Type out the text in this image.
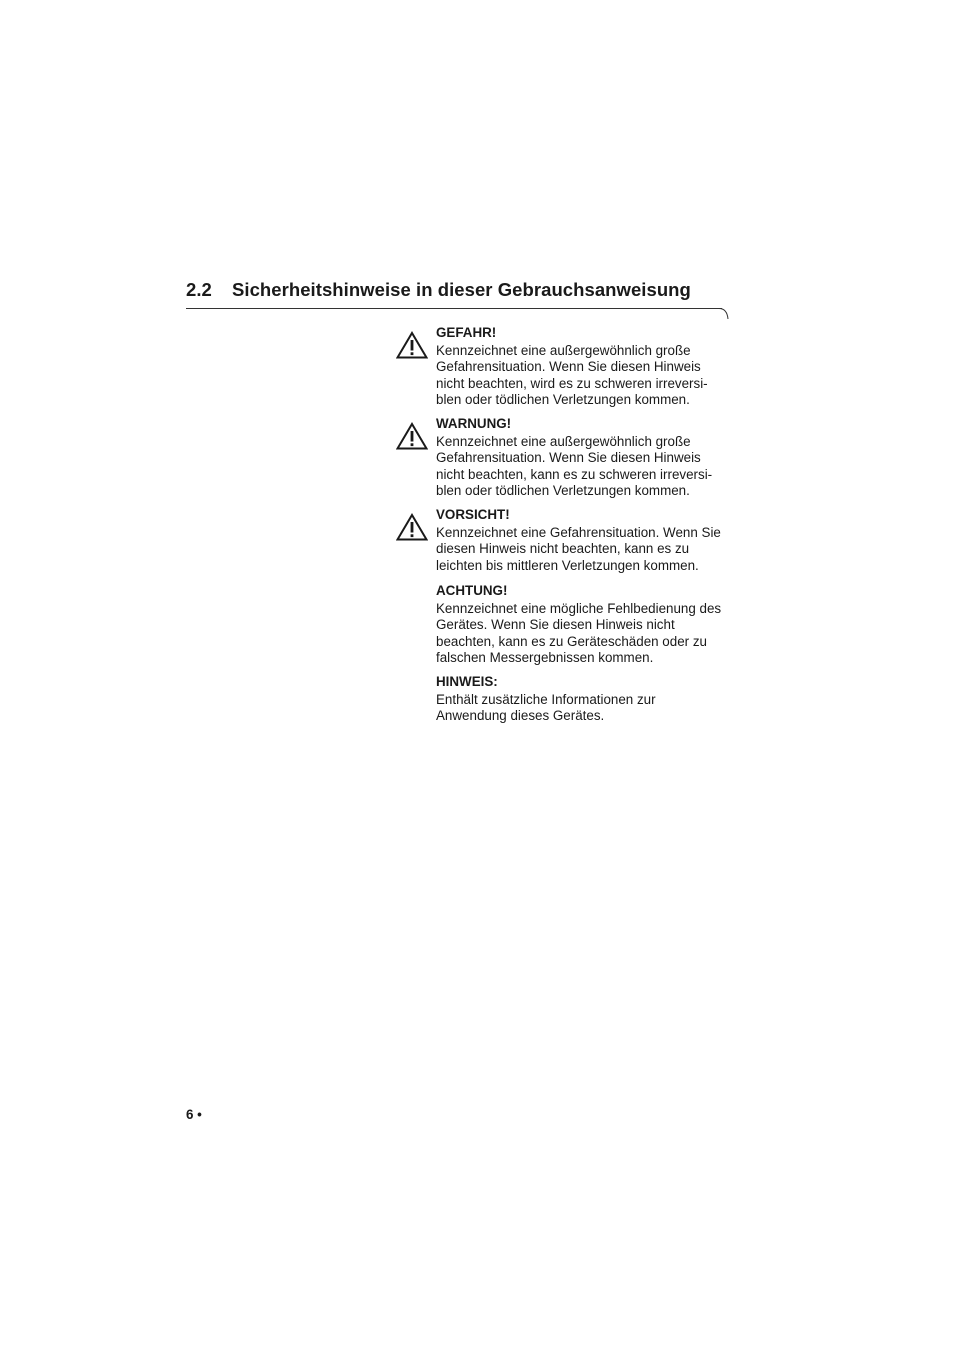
2.2 Sicherheitshinweise in dieser Gebrauchsanweisung
GEFAHR!
Kennzeichnet eine außergewöhnlich große
Gefahrensituation. Wenn Sie diesen Hinweis
nicht beachten, wird es zu schweren irreversi-
blen oder tödlichen Verletzungen kommen.
WARNUNG!
Kennzeichnet eine außergewöhnlich große
Gefahrensituation. Wenn Sie diesen Hinweis
nicht beachten, kann es zu schweren irreversi-
blen oder tödlichen Verletzungen kommen.
VORSICHT!
Kennzeichnet eine Gefahrensituation. Wenn Sie
diesen Hinweis nicht beachten, kann es zu
leichten bis mittleren Verletzungen kommen.
ACHTUNG!
Kennzeichnet eine mögliche Fehlbedienung des
Gerätes. Wenn Sie diesen Hinweis nicht
beachten, kann es zu Geräteschäden oder zu
falschen Messergebnissen kommen.
HINWEIS:
Enthält zusätzliche Informationen zur
Anwendung dieses Gerätes.
6 •
